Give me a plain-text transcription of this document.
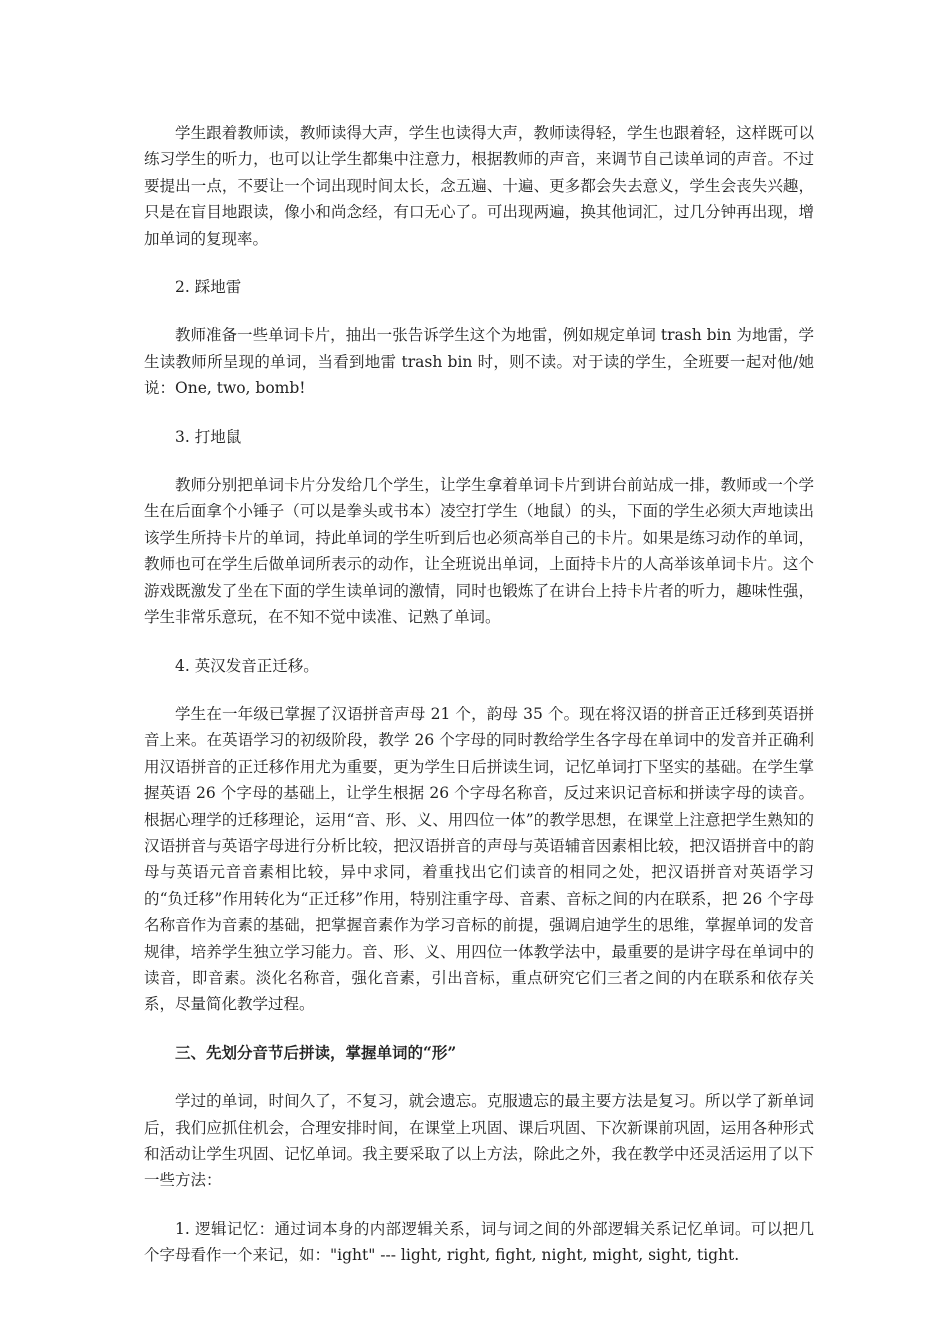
学生跟着教师读，教师读得大声，学生也读得大声，教师读得轻，学生也跟着轻，这样既可以练习学生的听力，也可以让学生都集中注意力，根据教师的声音，来调节自己读单词的声音。不过要提出一点，不要让一个词出现时间太长，念五遍、十遍、更多都会失去意义，学生会丧失兴趣，只是在盲目地跟读，像小和尚念经，有口无心了。可出现两遍，换其他词汇，过几分钟再出现，增加单词的复现率。

2. 踩地雷

教师准备一些单词卡片，抽出一张告诉学生这个为地雷，例如规定单词 trash bin 为地雷，学生读教师所呈现的单词，当看到地雷 trash bin 时，则不读。对于读的学生，全班要一起对他/她说：One, two, bomb!

3. 打地鼠

教师分别把单词卡片分发给几个学生，让学生拿着单词卡片到讲台前站成一排，教师或一个学生在后面拿个小锤子（可以是拳头或书本）凌空打学生（地鼠）的头，下面的学生必须大声地读出该学生所持卡片的单词，持此单词的学生听到后也必须高举自己的卡片。如果是练习动作的单词，教师也可在学生后做单词所表示的动作，让全班说出单词，上面持卡片的人高举该单词卡片。这个游戏既激发了坐在下面的学生读单词的激情，同时也锻炼了在讲台上持卡片者的听力，趣味性强，学生非常乐意玩，在不知不觉中读准、记熟了单词。

4. 英汉发音正迁移。

学生在一年级已掌握了汉语拼音声母 21 个，韵母 35 个。现在将汉语的拼音正迁移到英语拼音上来。在英语学习的初级阶段，教学 26 个字母的同时教给学生各字母在单词中的发音并正确利用汉语拼音的正迁移作用尤为重要，更为学生日后拼读生词，记忆单词打下坚实的基础。在学生掌握英语 26 个字母的基础上，让学生根据 26 个字母名称音，反过来识记音标和拼读字母的读音。根据心理学的迁移理论，运用“音、形、义、用四位一体”的教学思想，在课堂上注意把学生熟知的汉语拼音与英语字母进行分析比较，把汉语拼音的声母与英语辅音因素相比较，把汉语拼音中的韵母与英语元音音素相比较，异中求同，着重找出它们读音的相同之处，把汉语拼音对英语学习的“负迁移”作用转化为“正迁移”作用，特别注重字母、音素、音标之间的内在联系，把 26 个字母名称音作为音素的基础，把掌握音素作为学习音标的前提，强调启迪学生的思维，掌握单词的发音规律，培养学生独立学习能力。音、形、义、用四位一体教学法中，最重要的是讲字母在单词中的读音，即音素。淡化名称音，强化音素，引出音标，重点研究它们三者之间的内在联系和依存关系，尽量简化教学过程。

三、先划分音节后拼读，掌握单词的“形”

学过的单词，时间久了，不复习，就会遗忘。克服遗忘的最主要方法是复习。所以学了新单词后，我们应抓住机会，合理安排时间，在课堂上巩固、课后巩固、下次新课前巩固，运用各种形式和活动让学生巩固、记忆单词。我主要采取了以上方法，除此之外，我在教学中还灵活运用了以下一些方法：

1. 逻辑记忆：通过词本身的内部逻辑关系，词与词之间的外部逻辑关系记忆单词。可以把几个字母看作一个来记，如："ight" --- light, right, fight, night, might, sight, tight.
